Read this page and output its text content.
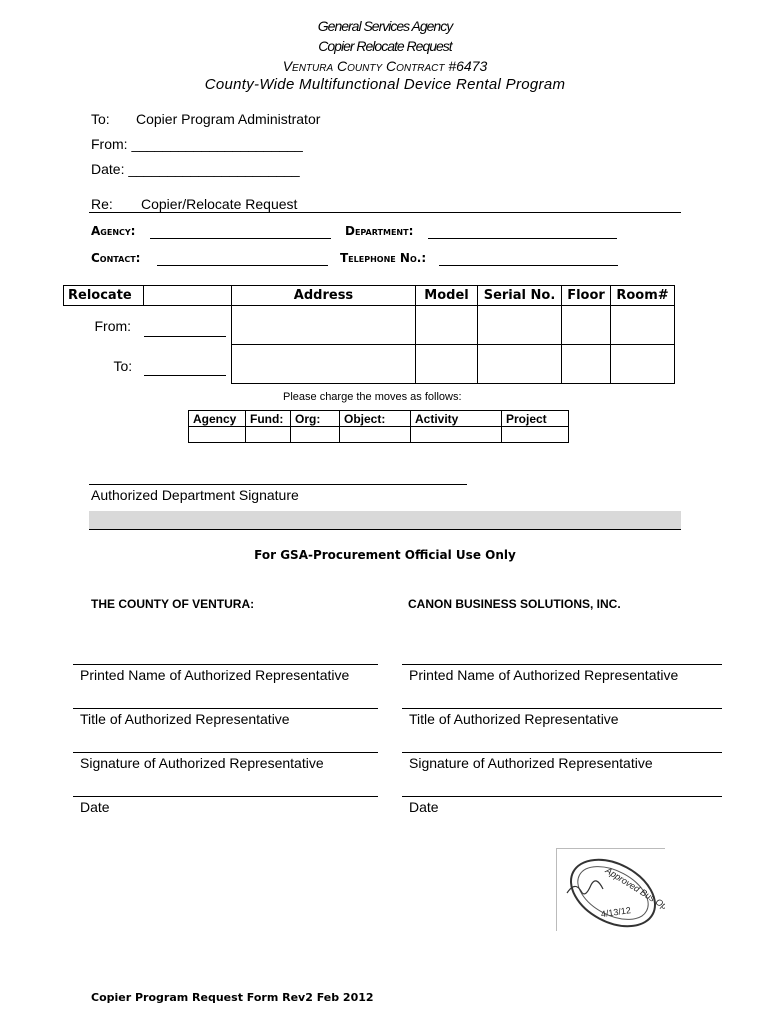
General Services Agency
Copier Relocate Request
Ventura County Contract #6473
County-Wide Multifunctional Device Rental Program
To: Copier Program Administrator
From: ______________________
Date: ______________________
Re: Copier/Relocate Request
Agency:	Department:
Contact:	Telephone No.:
Relocate		Address	Model	Serial No.	Floor	Room#

From:						

To:						

Please charge the moves as follows:
Agency	Fund:	Org:	Object:	Activity	Project

Authorized Department Signature
For GSA-Procurement Official Use Only
THE COUNTY OF VENTURA:	CANON BUSINESS SOLUTIONS, INC.
Printed Name of Authorized Representative
Title of Authorized Representative
Signature of Authorized Representative
Date
Printed Name of Authorized Representative
Title of Authorized Representative
Signature of Authorized Representative
Date
Approved Bus Ops
4/13/12
Copier Program Request Form Rev2 Feb 2012
